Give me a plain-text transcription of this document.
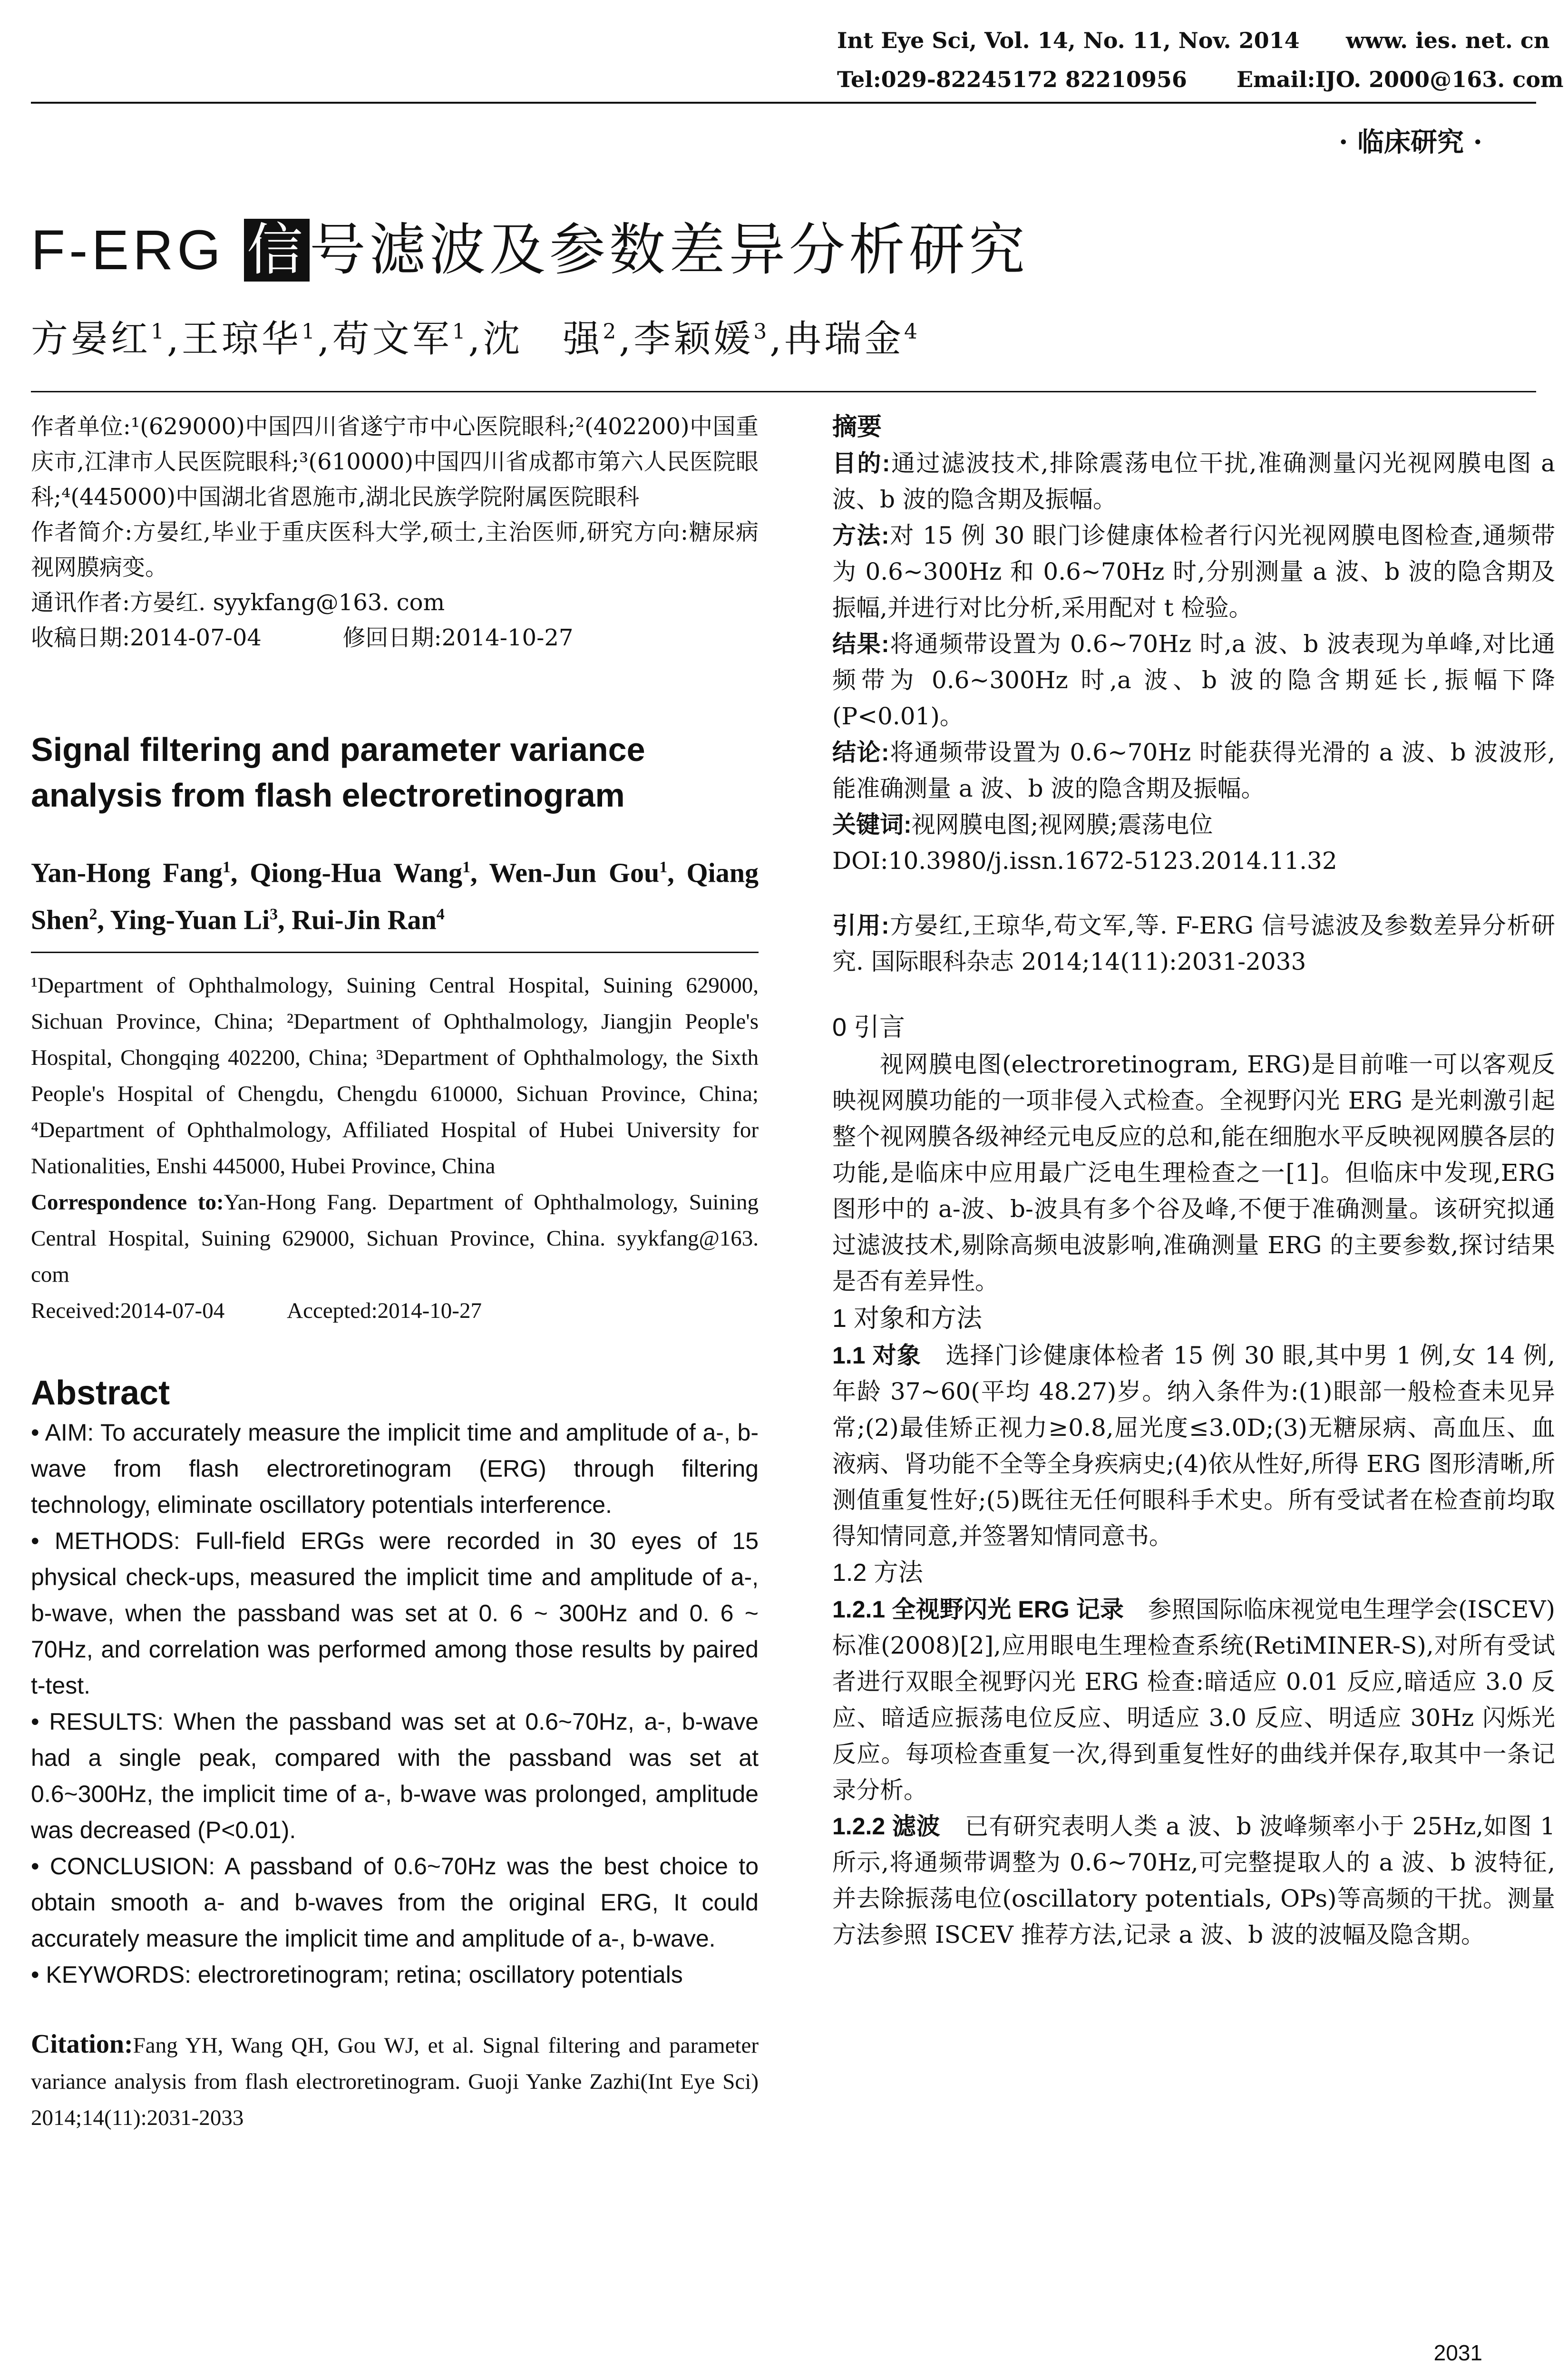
Int Eye Sci, Vol. 14, No. 11, Nov. 2014 www. ies. net. cn
Tel:029-82245172 82210956 Email:IJO. 2000@163. com
· 临床研究 ·
F-ERG 信号滤波及参数差异分析研究
方晏红$^1$,王琼华$^1$,苟文军$^1$,沈　强$^2$,李颖媛$^3$,冉瑞金$^4$

作者单位:¹(629000)中国四川省遂宁市中心医院眼科;²(402200)中国重庆市,江津市人民医院眼科;³(610000)中国四川省成都市第六人民医院眼科;⁴(445000)中国湖北省恩施市,湖北民族学院附属医院眼科

作者简介:方晏红,毕业于重庆医科大学,硕士,主治医师,研究方向:糖尿病视网膜病变。

通讯作者:方晏红. syykfang@163. com

收稿日期:2014-07-04	修回日期:2014-10-27

Signal filtering and parameter variance analysis from flash electroretinogram
Yan-Hong Fang$^1$, Qiong-Hua Wang$^1$, Wen-Jun Gou$^1$, Qiang Shen$^2$, Ying-Yuan Li$^3$, Rui-Jin Ran$^4$
¹Department of Ophthalmology, Suining Central Hospital, Suining 629000, Sichuan Province, China; ²Department of Ophthalmology, Jiangjin People's Hospital, Chongqing 402200, China; ³Department of Ophthalmology, the Sixth People's Hospital of Chengdu, Chengdu 610000, Sichuan Province, China; ⁴Department of Ophthalmology, Affiliated Hospital of Hubei University for Nationalities, Enshi 445000, Hubei Province, China
Correspondence to:Yan-Hong Fang. Department of Ophthalmology, Suining Central Hospital, Suining 629000, Sichuan Province, China. syykfang@163. com
Received:2014-07-04	Accepted:2014-10-27
Abstract

• AIM: To accurately measure the implicit time and amplitude of a-, b-wave from flash electroretinogram (ERG) through filtering technology, eliminate oscillatory potentials interference.

• METHODS: Full-field ERGs were recorded in 30 eyes of 15 physical check-ups, measured the implicit time and amplitude of a-, b-wave, when the passband was set at 0. 6 ~ 300Hz and 0. 6 ~ 70Hz, and correlation was performed among those results by paired t-test.

• RESULTS: When the passband was set at 0.6~70Hz, a-, b-wave had a single peak, compared with the passband was set at 0.6~300Hz, the implicit time of a-, b-wave was prolonged, amplitude was decreased (P<0.01).

• CONCLUSION: A passband of 0.6~70Hz was the best choice to obtain smooth a- and b-waves from the original ERG, It could accurately measure the implicit time and amplitude of a-, b-wave.

• KEYWORDS: electroretinogram; retina; oscillatory potentials

Citation:Fang YH, Wang QH, Gou WJ, et al. Signal filtering and parameter variance analysis from flash electroretinogram. Guoji Yanke Zazhi(Int Eye Sci) 2014;14(11):2031-2033

摘要

目的:通过滤波技术,排除震荡电位干扰,准确测量闪光视网膜电图 a 波、b 波的隐含期及振幅。

方法:对 15 例 30 眼门诊健康体检者行闪光视网膜电图检查,通频带为 0.6~300Hz 和 0.6~70Hz 时,分别测量 a 波、b 波的隐含期及振幅,并进行对比分析,采用配对 t 检验。

结果:将通频带设置为 0.6~70Hz 时,a 波、b 波表现为单峰,对比通频带为 0.6~300Hz 时,a 波、b 波的隐含期延长,振幅下降(P<0.01)。

结论:将通频带设置为 0.6~70Hz 时能获得光滑的 a 波、b 波波形,能准确测量 a 波、b 波的隐含期及振幅。

关键词:视网膜电图;视网膜;震荡电位

DOI:10.3980/j.issn.1672-5123.2014.11.32

引用:方晏红,王琼华,苟文军,等. F-ERG 信号滤波及参数差异分析研究. 国际眼科杂志 2014;14(11):2031-2033

0 引言

视网膜电图(electroretinogram, ERG)是目前唯一可以客观反映视网膜功能的一项非侵入式检查。全视野闪光 ERG 是光刺激引起整个视网膜各级神经元电反应的总和,能在细胞水平反映视网膜各层的功能,是临床中应用最广泛电生理检查之一[1]。但临床中发现,ERG 图形中的 a-波、b-波具有多个谷及峰,不便于准确测量。该研究拟通过滤波技术,剔除高频电波影响,准确测量 ERG 的主要参数,探讨结果是否有差异性。

1 对象和方法

1.1 对象　 选择门诊健康体检者 15 例 30 眼,其中男 1 例,女 14 例,年龄 37~60(平均 48.27)岁。纳入条件为:(1)眼部一般检查未见异常;(2)最佳矫正视力≥0.8,屈光度≤3.0D;(3)无糖尿病、高血压、血液病、肾功能不全等全身疾病史;(4)依从性好,所得 ERG 图形清晰,所测值重复性好;(5)既往无任何眼科手术史。所有受试者在检查前均取得知情同意,并签署知情同意书。

1.2 方法

1.2.1 全视野闪光 ERG 记录　 参照国际临床视觉电生理学会(ISCEV)标准(2008)[2],应用眼电生理检查系统(RetiMINER-S),对所有受试者进行双眼全视野闪光 ERG 检查:暗适应 0.01 反应,暗适应 3.0 反应、暗适应振荡电位反应、明适应 3.0 反应、明适应 30Hz 闪烁光反应。每项检查重复一次,得到重复性好的曲线并保存,取其中一条记录分析。

1.2.2 滤波　 已有研究表明人类 a 波、b 波峰频率小于 25Hz,如图 1 所示,将通频带调整为 0.6~70Hz,可完整提取人的 a 波、b 波特征,并去除振荡电位(oscillatory potentials, OPs)等高频的干扰。测量方法参照 ISCEV 推荐方法,记录 a 波、b 波的波幅及隐含期。

2031
